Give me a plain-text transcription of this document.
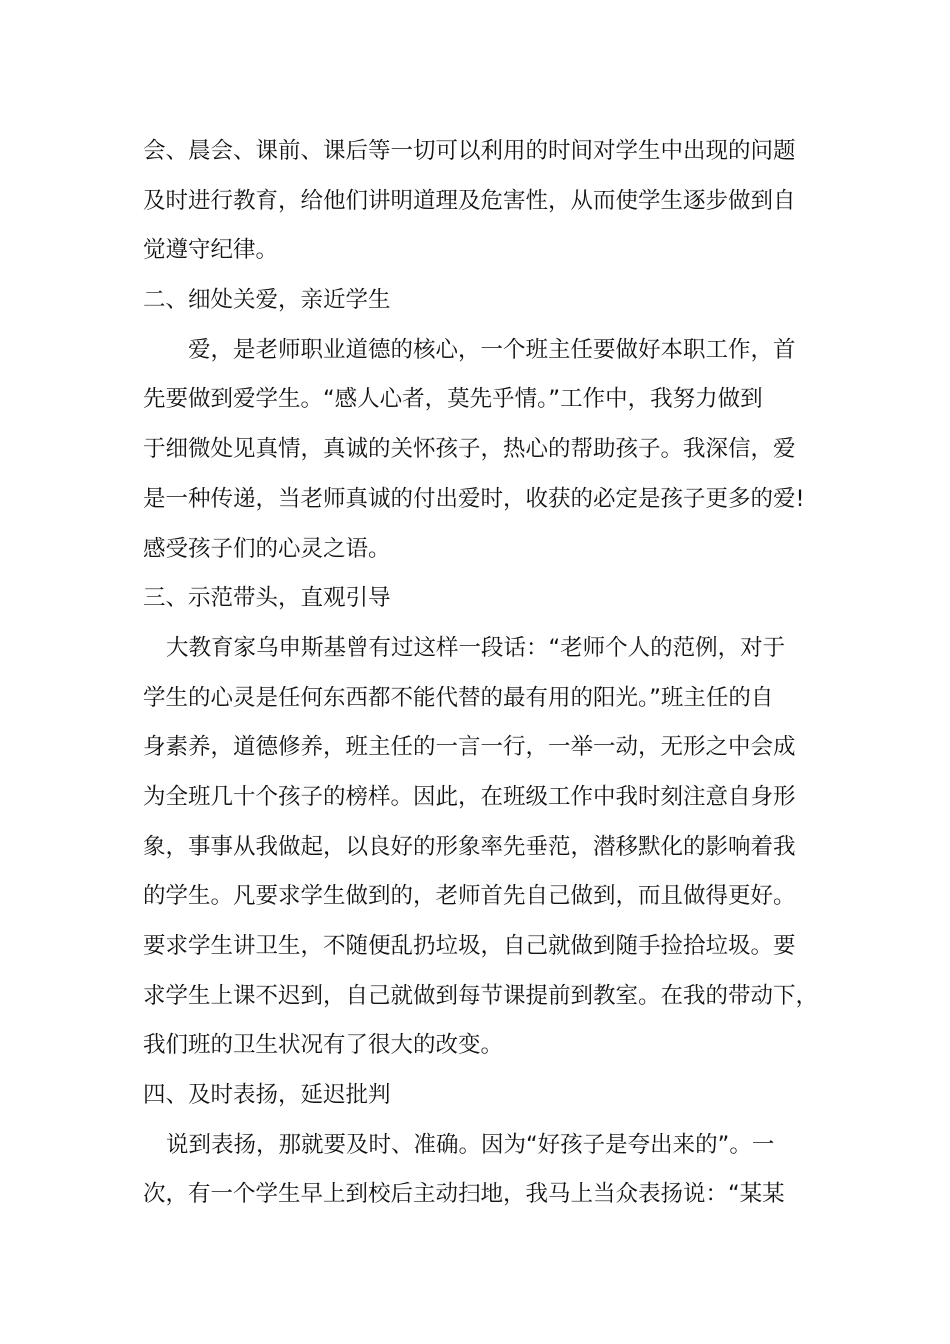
会、晨会、课前、课后等一切可以利用的时间对学生中出现的问题
及时进行教育，给他们讲明道理及危害性，从而使学生逐步做到自
觉遵守纪律。
二、细处关爱，亲近学生
爱，是老师职业道德的核心，一个班主任要做好本职工作，首
先要做到爱学生。“感人心者，莫先乎情。”工作中，我努力做到
于细微处见真情，真诚的关怀孩子，热心的帮助孩子。我深信，爱
是一种传递，当老师真诚的付出爱时，收获的必定是孩子更多的爱!
感受孩子们的心灵之语。
三、示范带头，直观引导
大教育家乌申斯基曾有过这样一段话：“老师个人的范例，对于
学生的心灵是任何东西都不能代替的最有用的阳光。”班主任的自
身素养，道德修养，班主任的一言一行，一举一动，无形之中会成
为全班几十个孩子的榜样。因此，在班级工作中我时刻注意自身形
象，事事从我做起，以良好的形象率先垂范，潜移默化的影响着我
的学生。凡要求学生做到的，老师首先自己做到，而且做得更好。
要求学生讲卫生，不随便乱扔垃圾，自己就做到随手捡拾垃圾。要
求学生上课不迟到，自己就做到每节课提前到教室。在我的带动下，
我们班的卫生状况有了很大的改变。
四、及时表扬，延迟批判
说到表扬，那就要及时、准确。因为“好孩子是夸出来的”。一
次，有一个学生早上到校后主动扫地，我马上当众表扬说：“某某
